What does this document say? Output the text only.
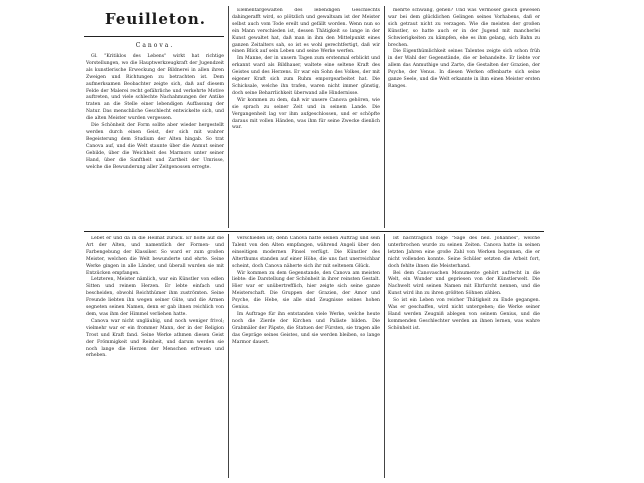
Feuilleton.
Canova.

Gl. "Kritiklos des Lebens" wirkt hat richtige Vorstellungen, wo die Hauptwerkzeugkraft der Jugendzeit als kunstlerische Erweckung der Bildnerei in allen ihren Zweigen und Richtungen zu betrachten ist. Dem aufmerksamen Beobachter zeigte sich, daß auf diesem Felde der Malerei recht gefährliche und verkehrte Motive auftreten, und viele schlechte Nachahmungen der Antike traten an die Stelle einer lebendigen Auffassung der Natur. Das menschliche Geschlecht entwickelte sich, und die alten Meister wurden vergessen.

Die Schönheit der Form sollte aber wieder hergestellt werden durch einen Geist, der sich mit wahrer Begeisterung dem Studium der Alten hingab. So trat Canova auf, und die Welt staunte über die Anmut seiner Gebilde, über die Weichheit des Marmors unter seiner Hand, über die Sanftheit und Zartheit der Umrisse, welche die Bewunderung aller Zeitgenossen erregte.

Elementargewalten des lebendigen Geschlechts dahingerafft wird, so plötzlich und gewaltsam ist der Meister selbst auch vom Tode ereilt und gefällt worden. Wenn nun so ein Mann verschieden ist, dessen Thätigkeit so lange in der Kunst gewaltet hat, daß man in ihm den Mittelpunkt eines ganzen Zeitalters sah, so ist es wohl gerechtfertigt, daß wir einen Blick auf sein Leben und seine Werke werfen.

Im Manne, der in unsern Tagen zum erstenmal erblickt und erkannt ward als Bildhauer, waltete eine seltene Kraft des Geistes und des Herzens. Er war ein Sohn des Volkes, der mit eigener Kraft sich zum Ruhm emporgearbeitet hat. Die Schicksale, welche ihn trafen, waren nicht immer günstig, doch seine Beharrlichkeit überwand alle Hindernisse.

Wir kommen zu dem, daß wir unsere Canova gehören, wie sie sprach zu seiner Zeit und in seinem Lande. Die Vergangenheit lag vor ihm aufgeschlossen, und er schöpfte daraus mit vollen Händen, was ihm für seine Zwecke dienlich war.

mehrte schwang, gehen? Und was Vermoser gleich gewesen war bei dem glücklichen Gelingen seines Vorhabens, daß er sich getraut nicht zu verzagen. Wie die meisten der großen Künstler, so hatte auch er in der Jugend mit mancherlei Schwierigkeiten zu kämpfen, ehe es ihm gelang, sich Bahn zu brechen.

Die Eigenthümlichkeit seines Talentes zeigte sich schon früh in der Wahl der Gegenstände, die er behandelte. Er liebte vor allem das Anmuthige und Zarte, die Gestalten der Grazien, der Psyche, der Venus. In diesen Werken offenbarte sich seine ganze Seele, und die Welt erkannte in ihm einen Meister ersten Ranges.

Lebet er und da in die Heimat zurück. Er holte auf die Art der Alten, und namentlich der Formen- und Farbengebung der Klassiker. So ward er zum großen Meister, welchen die Welt bewunderte und ehrte. Seine Werke gingen in alle Länder, und überall wurden sie mit Entzücken empfangen.

Letzteren, Meister nämlich, war ein Künstler von edlen Sitten und reinem Herzen. Er lebte einfach und bescheiden, obwohl Reichthümer ihm zuströmten. Seine Freunde liebten ihn wegen seiner Güte, und die Armen segneten seinen Namen, denn er gab ihnen reichlich von dem, was ihm der Himmel verliehen hatte.

Canova war nicht ungläubig, und noch weniger frivol; vielmehr war er ein frommer Mann, der in der Religion Trost und Kraft fand. Seine Werke athmen diesen Geist der Frömmigkeit und Reinheit, und darum werden sie noch lange die Herzen der Menschen erfreuen und erheben.

verschieden ist; denn Canova hatte seinen Auftrag und sein Talent von den Alten empfangen, während Angeli über den einseitigen modernen Pinsel verfügt. Die Künstler des Alterthums standen auf einer Höhe, die uns fast unerreichbar scheint, doch Canova näherte sich ihr mit seltenem Glück.

Wir kommen zu dem Gegenstande, den Canova am meisten liebte: die Darstellung der Schönheit in ihrer reinsten Gestalt. Hier war er unübertrefflich, hier zeigte sich seine ganze Meisterschaft. Die Gruppen der Grazien, der Amor und Psyche, die Hebe, sie alle sind Zeugnisse seines hohen Genius.

Im Auftrage für ihn entstanden viele Werke, welche heute noch die Zierde der Kirchen und Paläste bilden. Die Grabmäler der Päpste, die Statuen der Fürsten, sie tragen alle das Gepräge seines Geistes, und sie werden bleiben, so lange Marmor dauert.

Ist nachträglich folge "Sage des heil. Johannes", welche unterbrochen wurde zu seinen Zeiten. Canova hatte in seinen letzten Jahren eine große Zahl von Werken begonnen, die er nicht vollenden konnte. Seine Schüler setzten die Arbeit fort, doch fehlte ihnen die Meisterhand.

Bei dem Canovaschen Monumente gehört aufrecht in die Welt, ein Wunder und gepriesen von der Künstlerwelt. Die Nachwelt wird seinen Namen mit Ehrfurcht nennen, und die Kunst wird ihn zu ihren größten Söhnen zählen.

So ist ein Leben von reicher Thätigkeit zu Ende gegangen. Was er geschaffen, wird nicht untergehen; die Werke seiner Hand werden Zeugniß ablegen von seinem Genius, und die kommenden Geschlechter werden an ihnen lernen, was wahre Schönheit ist.
